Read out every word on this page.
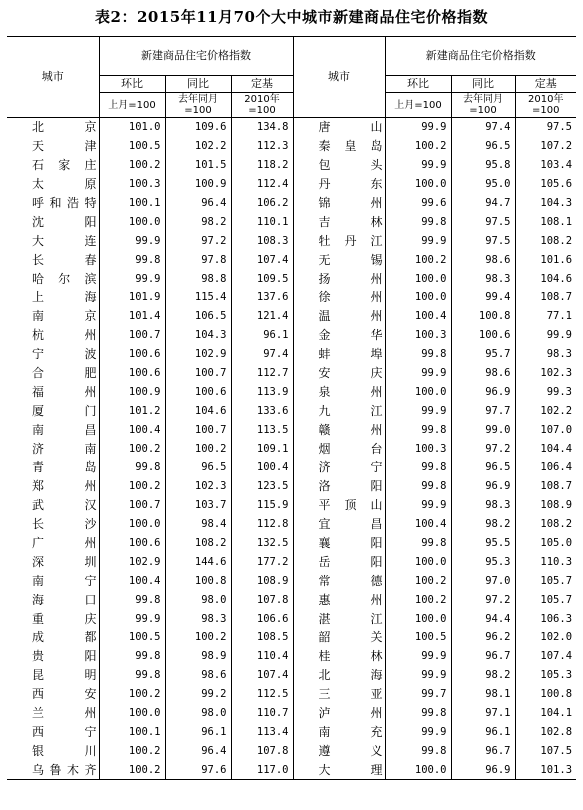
表2：2015年11月70个大中城市新建商品住宅价格指数
城市	新建商品住宅价格指数			城市	新建商品住宅价格指数		
	环比	同比	定基		环比	同比	定基
	上月=100	去年同月=100	2010年=100		上月=100	去年同月=100	2010年=100
北京	101.0	109.6	134.8	唐山	99.9	97.4	97.5
天津	100.5	102.2	112.3	秦皇岛	100.2	96.5	107.2
石家庄	100.2	101.5	118.2	包头	99.9	95.8	103.4
太原	100.3	100.9	112.4	丹东	100.0	95.0	105.6
呼和浩特	100.1	96.4	106.2	锦州	99.6	94.7	104.3
沈阳	100.0	98.2	110.1	吉林	99.8	97.5	108.1
大连	99.9	97.2	108.3	牡丹江	99.9	97.5	108.2
长春	99.8	97.8	107.4	无锡	100.2	98.6	101.6
哈尔滨	99.9	98.8	109.5	扬州	100.0	98.3	104.6
上海	101.9	115.4	137.6	徐州	100.0	99.4	108.7
南京	101.4	106.5	121.4	温州	100.4	100.8	77.1
杭州	100.7	104.3	96.1	金华	100.3	100.6	99.9
宁波	100.6	102.9	97.4	蚌埠	99.8	95.7	98.3
合肥	100.6	100.7	112.7	安庆	99.9	98.6	102.3
福州	100.9	100.6	113.9	泉州	100.0	96.9	99.3
厦门	101.2	104.6	133.6	九江	99.9	97.7	102.2
南昌	100.4	100.7	113.5	赣州	99.8	99.0	107.0
济南	100.2	100.2	109.1	烟台	100.3	97.2	104.4
青岛	99.8	96.5	100.4	济宁	99.8	96.5	106.4
郑州	100.2	102.3	123.5	洛阳	99.8	96.9	108.7
武汉	100.7	103.7	115.9	平顶山	99.9	98.3	108.9
长沙	100.0	98.4	112.8	宜昌	100.4	98.2	108.2
广州	100.6	108.2	132.5	襄阳	99.8	95.5	105.0
深圳	102.9	144.6	177.2	岳阳	100.0	95.3	110.3
南宁	100.4	100.8	108.9	常德	100.2	97.0	105.7
海口	99.8	98.0	107.8	惠州	100.2	97.2	105.7
重庆	99.9	98.3	106.6	湛江	100.0	94.4	106.3
成都	100.5	100.2	108.5	韶关	100.5	96.2	102.0
贵阳	99.8	98.9	110.4	桂林	99.9	96.7	107.4
昆明	99.8	98.6	107.4	北海	99.9	98.2	105.3
西安	100.2	99.2	112.5	三亚	99.7	98.1	100.8
兰州	100.0	98.0	110.7	泸州	99.8	97.1	104.1
西宁	100.1	96.1	113.4	南充	99.9	96.1	102.8
银川	100.2	96.4	107.8	遵义	99.8	96.7	107.5
乌鲁木齐	100.2	97.6	117.0	大理	100.0	96.9	101.3
